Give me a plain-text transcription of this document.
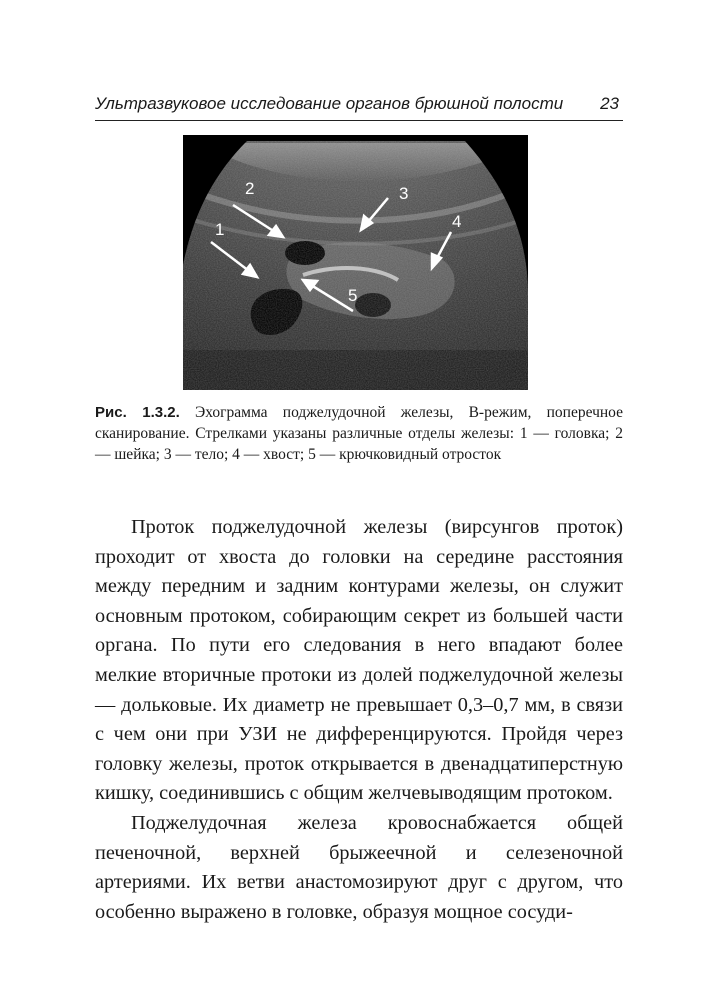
Ультразвуковое исследование органов брюшной полости 23
2
1
3
4
5
Рис. 1.3.2. Эхограмма поджелудочной железы, B-режим, поперечное сканирование. Стрелками указаны различные отделы железы: 1 — головка; 2 — шейка; 3 — тело; 4 — хвост; 5 — крючковидный отросток

Проток поджелудочной железы (вирсунгов проток) проходит от хвоста до головки на середине расстояния между передним и задним контурами железы, он служит основным протоком, собирающим секрет из большей части органа. По пути его следования в него впадают более мелкие вторичные протоки из долей поджелудочной железы — дольковые. Их диаметр не превышает 0,3–0,7 мм, в связи с чем они при УЗИ не дифференцируются. Пройдя через головку железы, проток открывается в двенадцатиперстную кишку, соединившись с общим желчевыводящим протоком.

Поджелудочная железа кровоснабжается общей печеночной, верхней брыжеечной и селезеночной артериями. Их ветви анастомозируют друг с другом, что особенно выражено в головке, образуя мощное сосуди-
